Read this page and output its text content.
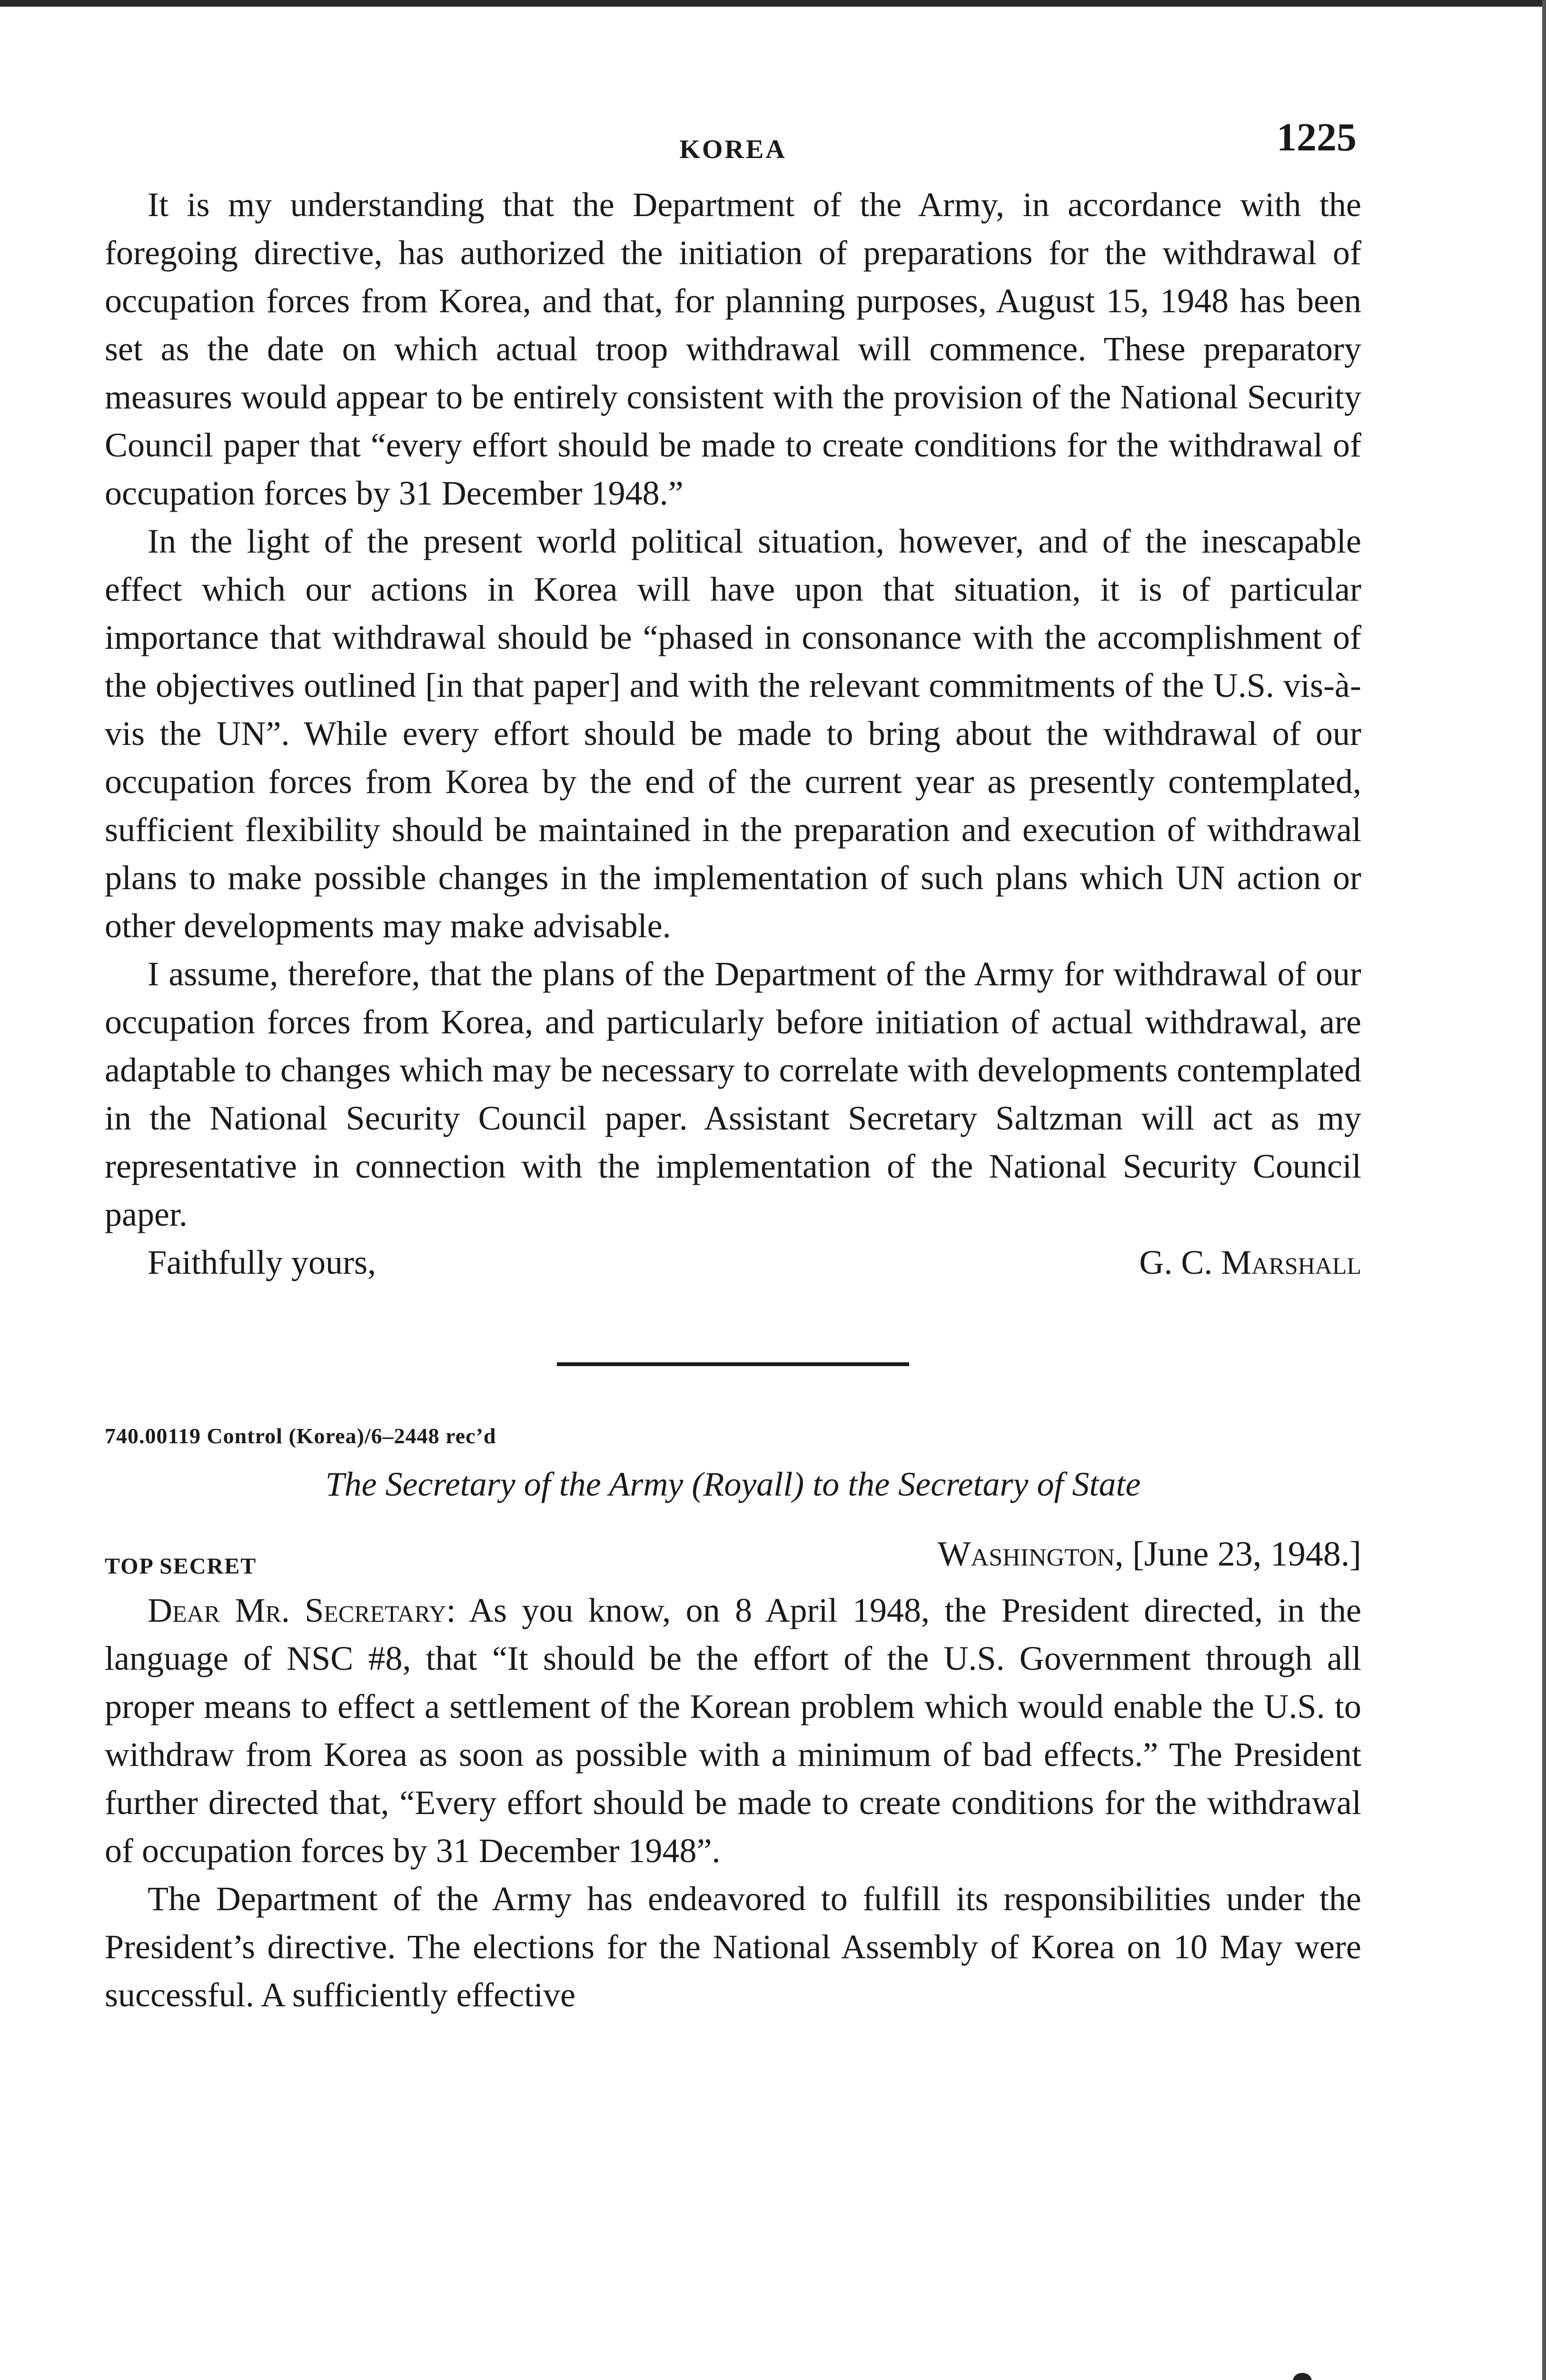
KOREA	1225

It is my understanding that the Department of the Army, in accordance with the foregoing directive, has authorized the initiation of preparations for the withdrawal of occupation forces from Korea, and that, for planning purposes, August 15, 1948 has been set as the date on which actual troop withdrawal will commence. These preparatory measures would appear to be entirely consistent with the provision of the National Security Council paper that “every effort should be made to create conditions for the withdrawal of occupation forces by 31 December 1948.”

In the light of the present world political situation, however, and of the inescapable effect which our actions in Korea will have upon that situation, it is of particular importance that withdrawal should be “phased in consonance with the accomplishment of the objectives outlined [in that paper] and with the relevant commitments of the U.S. vis-à-vis the UN”. While every effort should be made to bring about the withdrawal of our occupation forces from Korea by the end of the current year as presently contemplated, sufficient flexibility should be maintained in the preparation and execution of withdrawal plans to make possible changes in the implementation of such plans which UN action or other developments may make advisable.

I assume, therefore, that the plans of the Department of the Army for withdrawal of our occupation forces from Korea, and particularly before initiation of actual withdrawal, are adaptable to changes which may be necessary to correlate with developments contemplated in the National Security Council paper. Assistant Secretary Saltzman will act as my representative in connection with the implementation of the National Security Council paper.

Faithfully yours,	G. C. Marshall
740.00119 Control (Korea)/6–2448 rec’d
The Secretary of the Army (Royall) to the Secretary of State
TOP SECRET	Washington, [June 23, 1948.]

Dear Mr. Secretary: As you know, on 8 April 1948, the President directed, in the language of NSC #8, that “It should be the effort of the U.S. Government through all proper means to effect a settlement of the Korean problem which would enable the U.S. to withdraw from Korea as soon as possible with a minimum of bad effects.” The President further directed that, “Every effort should be made to create conditions for the withdrawal of occupation forces by 31 December 1948”.

The Department of the Army has endeavored to fulfill its responsibilities under the President’s directive. The elections for the National Assembly of Korea on 10 May were successful. A sufficiently effective
